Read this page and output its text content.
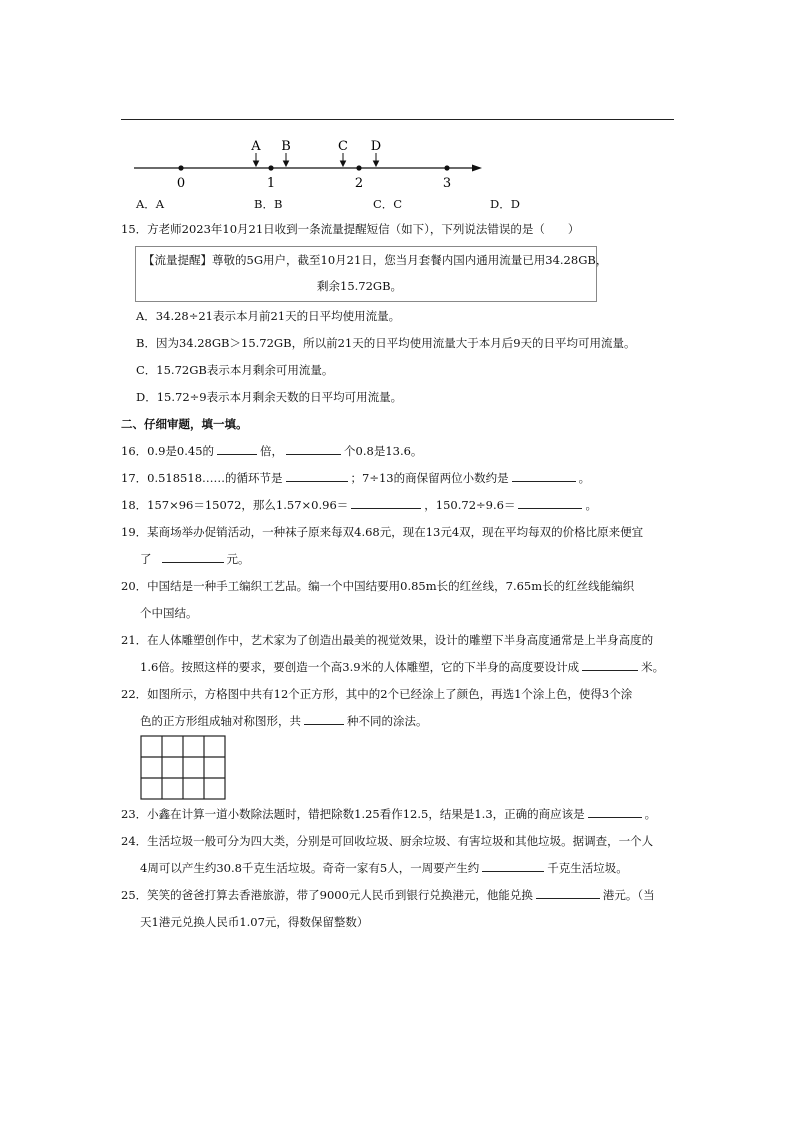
0	1	2	3
A B	C D
A．A	B．B	C．C	D．D
15．方老师2023年10月21日收到一条流量提醒短信（如下），下列说法错误的是（　　）
【流量提醒】尊敬的5G用户，截至10月21日，您当月套餐内国内通用流量已用34.28GB，
剩余15.72GB。
A．34.28÷21表示本月前21天的日平均使用流量。
B．因为34.28GB＞15.72GB，所以前21天的日平均使用流量大于本月后9天的日平均可用流量。
C．15.72GB表示本月剩余可用流量。
D．15.72÷9表示本月剩余天数的日平均可用流量。
二、仔细审题，填一填。
16．0.9是0.45的	倍，	个0.8是13.6。
17．0.518518……的循环节是	；7÷13的商保留两位小数约是	。
18．157×96＝15072，那么1.57×0.96＝	，150.72÷9.6＝	。
19．某商场举办促销活动，一种袜子原来每双4.68元，现在13元4双，现在平均每双的价格比原来便宜
了	元。
20．中国结是一种手工编织工艺品。编一个中国结要用0.85m长的红丝线，7.65m长的红丝线能编织
个中国结。
21．在人体雕塑创作中，艺术家为了创造出最美的视觉效果，设计的雕塑下半身高度通常是上半身高度的
1.6倍。按照这样的要求，要创造一个高3.9米的人体雕塑，它的下半身的高度要设计成	米。
22．如图所示，方格图中共有12个正方形，其中的2个已经涂上了颜色，再选1个涂上色，使得3个涂
色的正方形组成轴对称图形，共	种不同的涂法。
23．小鑫在计算一道小数除法题时，错把除数1.25看作12.5，结果是1.3，正确的商应该是	。
24．生活垃圾一般可分为四大类，分别是可回收垃圾、厨余垃圾、有害垃圾和其他垃圾。据调查，一个人
4周可以产生约30.8千克生活垃圾。奇奇一家有5人，一周要产生约	千克生活垃圾。
25．笑笑的爸爸打算去香港旅游，带了9000元人民币到银行兑换港元，他能兑换	港元。（当
天1港元兑换人民币1.07元，得数保留整数）
